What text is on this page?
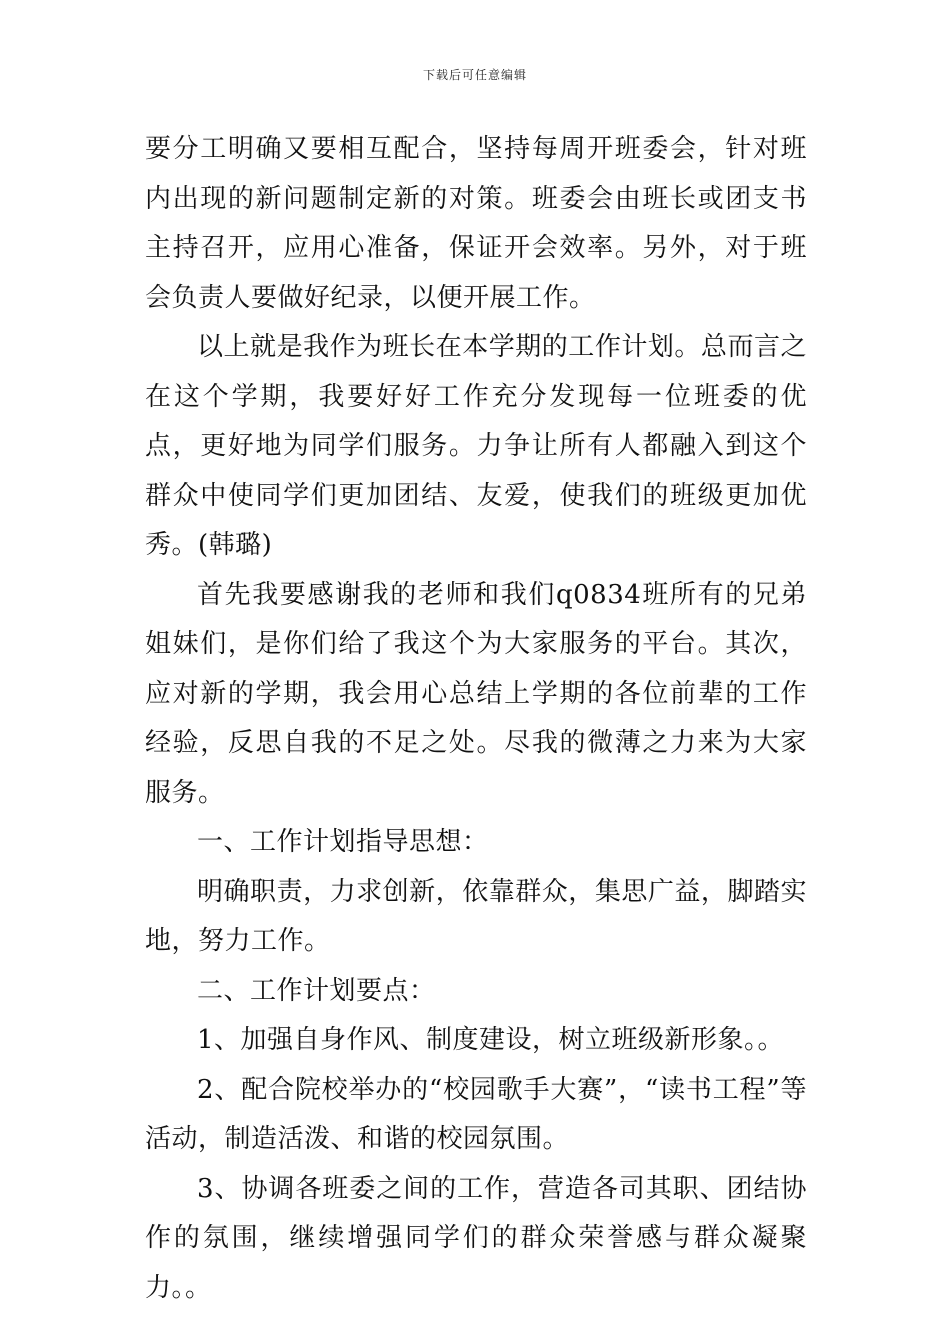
下载后可任意编辑

要分工明确又要相互配合，坚持每周开班委会，针对班内出现的新问题制定新的对策。班委会由班长或团支书主持召开，应用心准备，保证开会效率。另外，对于班会负责人要做好纪录，以便开展工作。

以上就是我作为班长在本学期的工作计划。总而言之在这个学期，我要好好工作充分发现每一位班委的优点，更好地为同学们服务。力争让所有人都融入到这个群众中使同学们更加团结、友爱，使我们的班级更加优秀。(韩璐)

首先我要感谢我的老师和我们q0834班所有的兄弟姐妹们，是你们给了我这个为大家服务的平台。其次，应对新的学期，我会用心总结上学期的各位前辈的工作经验，反思自我的不足之处。尽我的微薄之力来为大家服务。

一、工作计划指导思想：

明确职责，力求创新，依靠群众，集思广益，脚踏实地，努力工作。

二、工作计划要点：

1、加强自身作风、制度建设，树立班级新形象。。

2、配合院校举办的“校园歌手大赛”，“读书工程”等活动，制造活泼、和谐的校园氛围。

3、协调各班委之间的工作，营造各司其职、团结协作的氛围，继续增强同学们的群众荣誉感与群众凝聚力。。
